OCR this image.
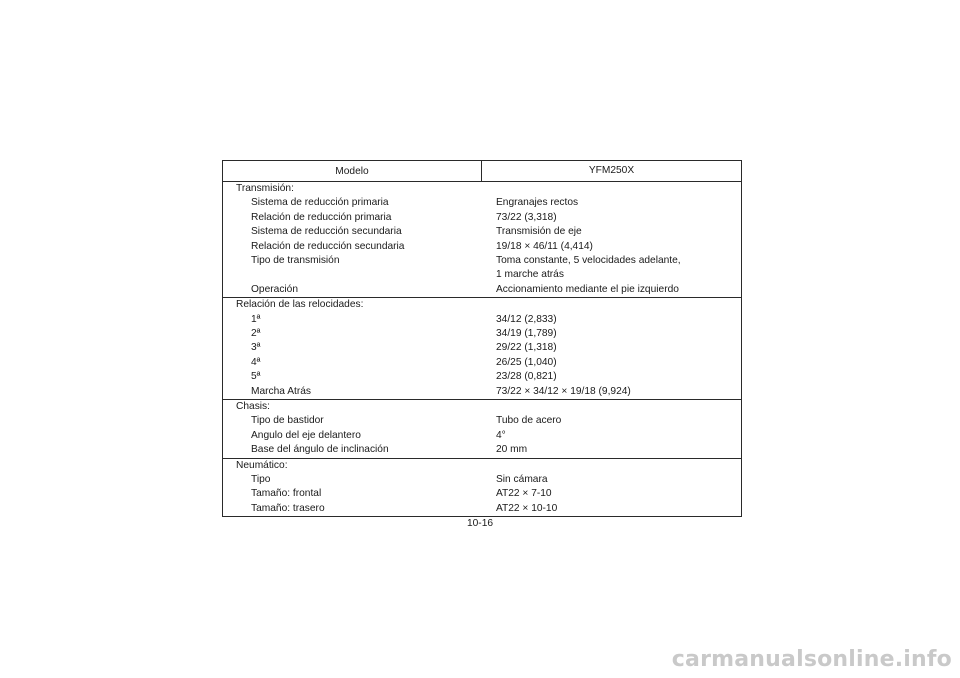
Modelo	YFM250X
Transmisión:
Sistema de reducción primaria	Engranajes rectos
Relación de reducción primaria	73/22 (3,318)
Sistema de reducción secundaria	Transmisión de eje
Relación de reducción secundaria	19/18 × 46/11 (4,414)
Tipo de transmisión	Toma constante, 5 velocidades adelante,
1 marche atrás
Operación	Accionamiento mediante el pie izquierdo
Relación de las relocidades:
1ª	34/12 (2,833)
2ª	34/19 (1,789)
3ª	29/22 (1,318)
4ª	26/25 (1,040)
5ª	23/28 (0,821)
Marcha Atrás	73/22 × 34/12 × 19/18 (9,924)
Chasis:
Tipo de bastidor	Tubo de acero
Angulo del eje delantero	4°
Base del ángulo de inclinación	20 mm
Neumático:
Tipo	Sin cámara
Tamaño: frontal	AT22 × 7-10
Tamaño: trasero	AT22 × 10-10
10-16
carmanualsonline.info
